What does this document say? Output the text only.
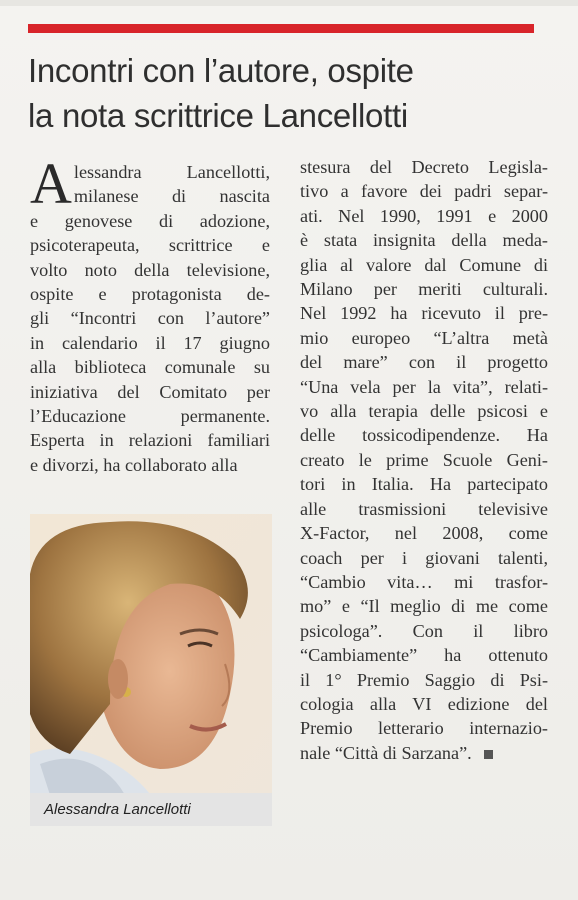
Incontri con l’autore, ospite
la nota scrittrice Lancellotti
A lessandra Lancellotti,
milanese di nascita
e genovese di adozione,
psicoterapeuta, scrittrice e
volto noto della televisione,
ospite e protagonista de-
gli “Incontri con l’autore”
in calendario il 17 giugno
alla biblioteca comunale su
iniziativa del Comitato per
l’Educazione permanente.
Esperta in relazioni familiari
e divorzi, ha collaborato alla
Alessandra Lancellotti
stesura del Decreto Legisla-
tivo a favore dei padri separ-
ati. Nel 1990, 1991 e 2000
è stata insignita della meda-
glia al valore dal Comune di
Milano per meriti culturali.
Nel 1992 ha ricevuto il pre-
mio europeo “L’altra metà
del mare” con il progetto
“Una vela per la vita”, relati-
vo alla terapia delle psicosi e
delle tossicodipendenze. Ha
creato le prime Scuole Geni-
tori in Italia. Ha partecipato
alle trasmissioni televisive
X-Factor, nel 2008, come
coach per i giovani talenti,
“Cambio vita… mi trasfor-
mo” e “Il meglio di me come
psicologa”. Con il libro
“Cambiamente” ha ottenuto
il 1° Premio Saggio di Psi-
cologia alla VI edizione del
Premio letterario internazio-
nale “Città di Sarzana”.
